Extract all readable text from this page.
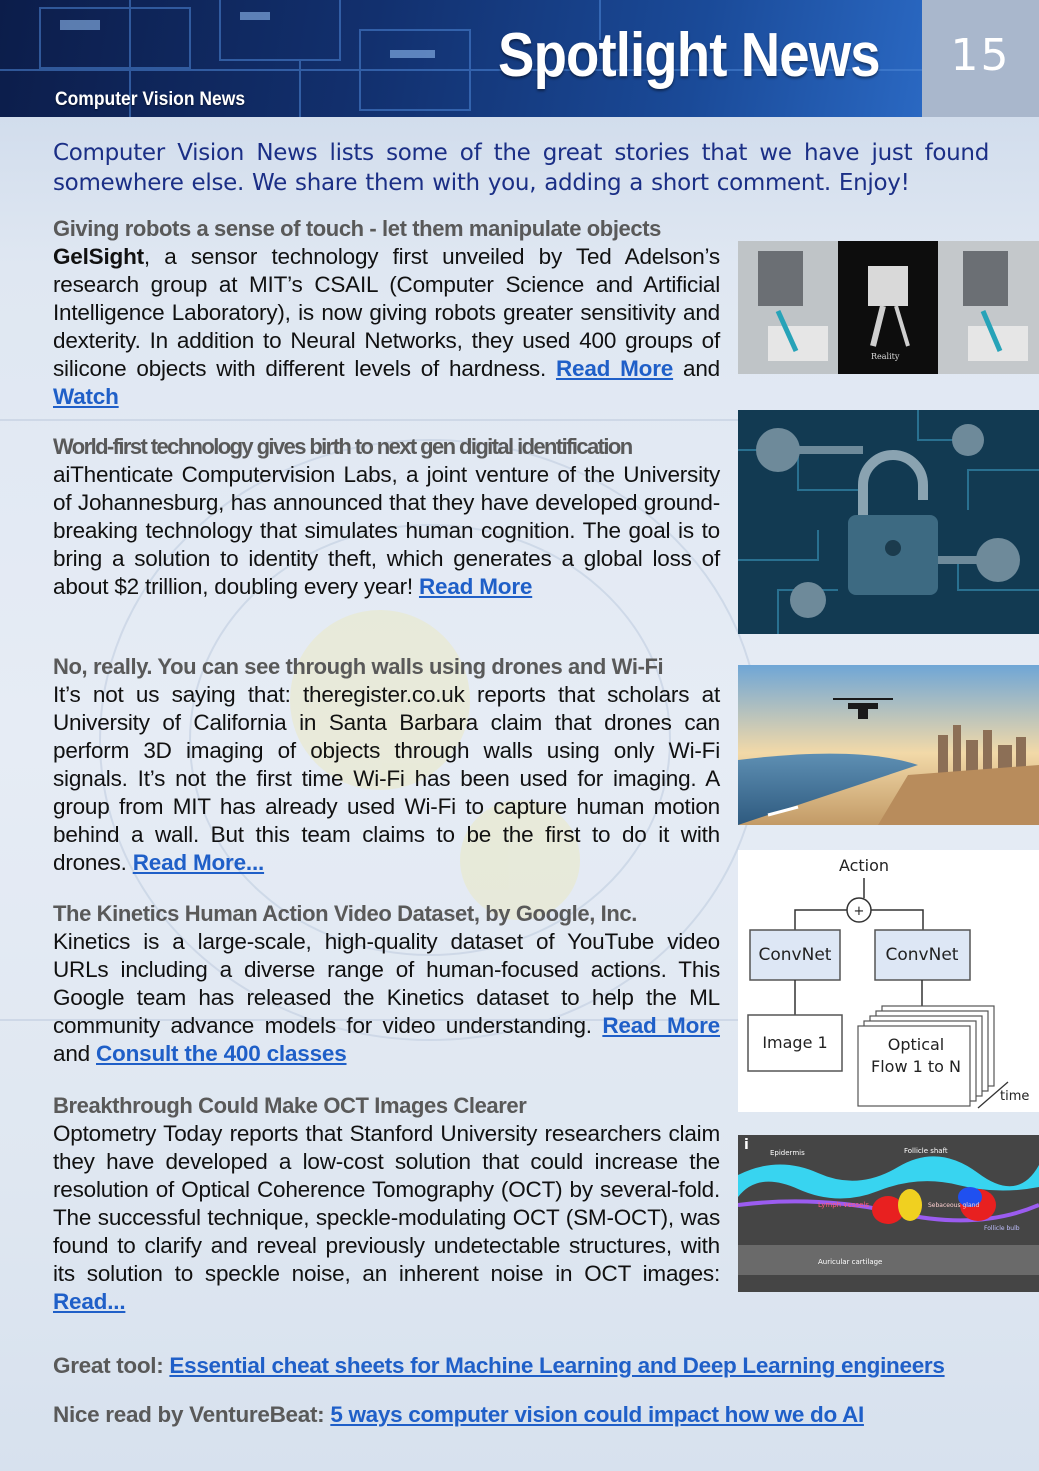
Computer Vision News
Spotlight News	15
Computer Vision News lists some of the great stories that we have just found somewhere else. We share them with you, adding a short comment. Enjoy!
Giving robots a sense of touch - let them manipulate objects

GelSight, a sensor technology first unveiled by Ted Adelson’s research group at MIT’s CSAIL (Computer Science and Artificial Intelligence Laboratory), is now giving robots greater sensitivity and dexterity. In addition to Neural Networks, they used 400 groups of silicone objects with different levels of hardness. Read More and Watch

Reality
World-first technology gives birth to next gen digital identification

aiThenticate Computervision Labs, a joint venture of the University of Johannesburg, has announced that they have developed ground-breaking technology that simulates human cognition. The goal is to bring a solution to identity theft, which generates a global loss of about $2 trillion, doubling every year! Read More

No, really. You can see through walls using drones and Wi-Fi

It’s not us saying that: theregister.co.uk reports that scholars at University of California in Santa Barbara claim that drones can perform 3D imaging of objects through walls using only Wi-Fi signals. It’s not the first time Wi-Fi has been used for imaging. A group from MIT has already used Wi-Fi to capture human motion behind a wall. But this team claims to be the first to do it with drones. Read More...

The Kinetics Human Action Video Dataset, by Google, Inc.

Kinetics is a large-scale, high-quality dataset of YouTube video URLs including a diverse range of human-focused actions. This Google team has released the Kinetics dataset to help the ML community advance models for video understanding. Read More and Consult the 400 classes

Action
+
ConvNet	ConvNet
Image 1	Optical
Flow 1 to N
time
Breakthrough Could Make OCT Images Clearer

Optometry Today reports that Stanford University researchers claim they have developed a low-cost solution that could increase the resolution of Optical Coherence Tomography (OCT) by several-fold. The successful technique, speckle-modulating OCT (SM-OCT), was found to clarify and reveal previously undetectable structures, with its solution to speckle noise, an inherent noise in OCT images: Read...

i	Epidermis	Follicle shaft
Lymph vessels	Sebaceous gland
Follicle bulb
Auricular cartilage
Great tool: Essential cheat sheets for Machine Learning and Deep Learning engineers
Nice read by VentureBeat: 5 ways computer vision could impact how we do AI
